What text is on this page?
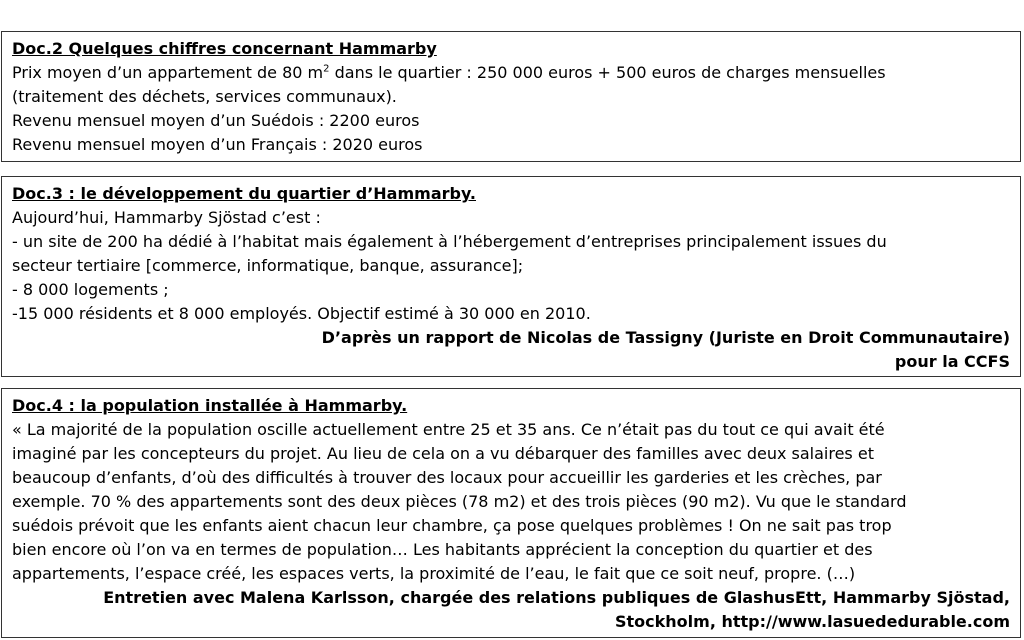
Doc.2 Quelques chiffres concernant Hammarby
Prix moyen d’un appartement de 80 $m^2$ dans le quartier : 250 000 euros + 500 euros de charges mensuelles
(traitement des déchets, services communaux).
Revenu mensuel moyen d’un Suédois : 2200 euros
Revenu mensuel moyen d’un Français : 2020 euros
Doc.3 : le développement du quartier d’Hammarby.
Aujourd’hui, Hammarby Sjöstad c’est :
- un site de 200 ha dédié à l’habitat mais également à l’hébergement d’entreprises principalement issues du
secteur tertiaire [commerce, informatique, banque, assurance];
- 8 000 logements ;
-15 000 résidents et 8 000 employés. Objectif estimé à 30 000 en 2010.
D’après un rapport de Nicolas de Tassigny (Juriste en Droit Communautaire)
pour la CCFS
Doc.4 : la population installée à Hammarby.
« La majorité de la population oscille actuellement entre 25 et 35 ans. Ce n’était pas du tout ce qui avait été
imaginé par les concepteurs du projet. Au lieu de cela on a vu débarquer des familles avec deux salaires et
beaucoup d’enfants, d’où des difficultés à trouver des locaux pour accueillir les garderies et les crèches, par
exemple. 70 % des appartements sont des deux pièces (78 m2) et des trois pièces (90 m2). Vu que le standard
suédois prévoit que les enfants aient chacun leur chambre, ça pose quelques problèmes ! On ne sait pas trop
bien encore où l’on va en termes de population… Les habitants apprécient la conception du quartier et des
appartements, l’espace créé, les espaces verts, la proximité de l’eau, le fait que ce soit neuf, propre. (…)
Entretien avec Malena Karlsson, chargée des relations publiques de GlashusEtt, Hammarby Sjöstad,
Stockholm, http://www.lasuededurable.com
